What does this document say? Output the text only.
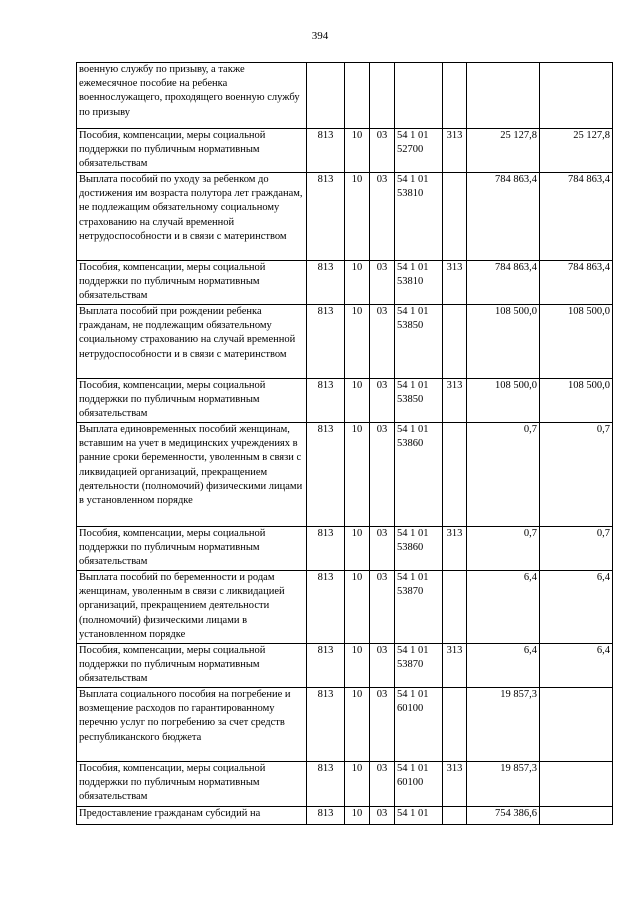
394
военную службу по призыву, а также ежемесячное пособие на ребенка военнослужащего, проходящего военную службу по призыву							
Пособия, компенсации, меры социальной поддержки по публичным нормативным обязательствам	813	10	03	54 1 01 52700	313	25 127,8	25 127,8
Выплата пособий по уходу за ребенком до достижения им возраста полутора лет гражданам, не подлежащим обязательному социальному страхованию на случай временной нетрудоспособности и в связи с материнством	813	10	03	54 1 01 53810		784 863,4	784 863,4
Пособия, компенсации, меры социальной поддержки по публичным нормативным обязательствам	813	10	03	54 1 01 53810	313	784 863,4	784 863,4
Выплата пособий при рождении ребенка гражданам, не подлежащим обязательному социальному страхованию на случай временной нетрудоспособности и в связи с материнством	813	10	03	54 1 01 53850		108 500,0	108 500,0
Пособия, компенсации, меры социальной поддержки по публичным нормативным обязательствам	813	10	03	54 1 01 53850	313	108 500,0	108 500,0
Выплата единовременных пособий женщинам, вставшим на учет в медицинских учреждениях в ранние сроки беременности, уволенным в связи с ликвидацией организаций, прекращением деятельности (полномочий) физическими лицами в установленном порядке	813	10	03	54 1 01 53860		0,7	0,7
Пособия, компенсации, меры социальной поддержки по публичным нормативным обязательствам	813	10	03	54 1 01 53860	313	0,7	0,7
Выплата пособий по беременности и родам женщинам, уволенным в связи с ликвидацией организаций, прекращением деятельности (полномочий) физическими лицами в установленном порядке	813	10	03	54 1 01 53870		6,4	6,4
Пособия, компенсации, меры социальной поддержки по публичным нормативным обязательствам	813	10	03	54 1 01 53870	313	6,4	6,4
Выплата социального пособия на погребение и возмещение расходов по гарантированному перечню услуг по погребению за счет средств республиканского бюджета	813	10	03	54 1 01 60100		19 857,3	
Пособия, компенсации, меры социальной поддержки по публичным нормативным обязательствам	813	10	03	54 1 01 60100	313	19 857,3	
Предоставление гражданам субсидий на	813	10	03	54 1 01		754 386,6	
